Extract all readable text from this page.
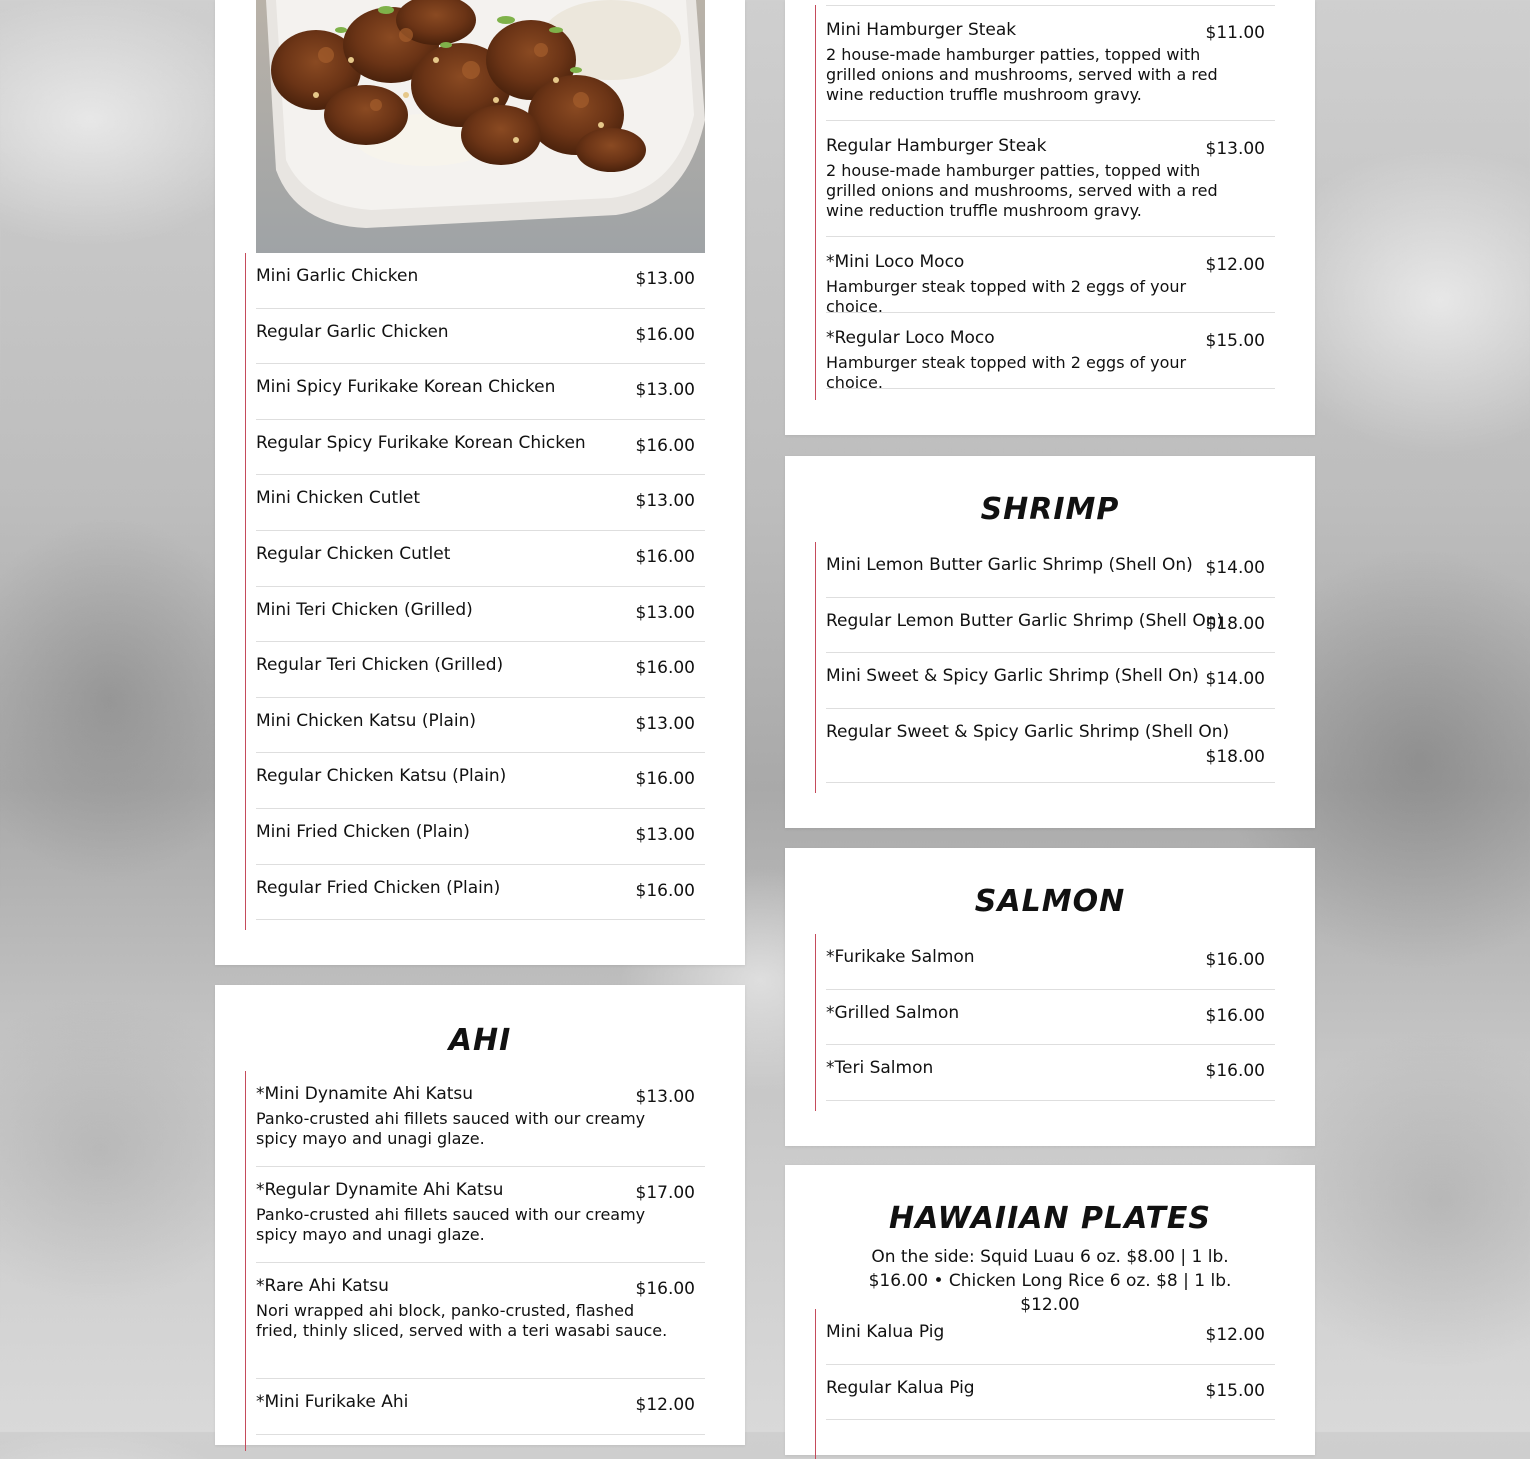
Mini Garlic Chicken	$13.00
Regular Garlic Chicken	$16.00
Mini Spicy Furikake Korean Chicken	$13.00
Regular Spicy Furikake Korean Chicken	$16.00
Mini Chicken Cutlet	$13.00
Regular Chicken Cutlet	$16.00
Mini Teri Chicken (Grilled)	$13.00
Regular Teri Chicken (Grilled)	$16.00
Mini Chicken Katsu (Plain)	$13.00
Regular Chicken Katsu (Plain)	$16.00
Mini Fried Chicken (Plain)	$13.00
Regular Fried Chicken (Plain)	$16.00
AHI
*Mini Dynamite Ahi Katsu	$13.00
Panko-crusted ahi fillets sauced with our creamy spicy mayo and unagi glaze.
*Regular Dynamite Ahi Katsu	$17.00
Panko-crusted ahi fillets sauced with our creamy spicy mayo and unagi glaze.
*Rare Ahi Katsu	$16.00
Nori wrapped ahi block, panko-crusted, flashed fried, thinly sliced, served with a teri wasabi sauce.
*Mini Furikake Ahi	$12.00
Mini Hamburger Steak	$11.00
2 house-made hamburger patties, topped with grilled onions and mushrooms, served with a red wine reduction truffle mushroom gravy.
Regular Hamburger Steak	$13.00
2 house-made hamburger patties, topped with grilled onions and mushrooms, served with a red wine reduction truffle mushroom gravy.
*Mini Loco Moco	$12.00
Hamburger steak topped with 2 eggs of your choice.
*Regular Loco Moco	$15.00
Hamburger steak topped with 2 eggs of your choice.
SHRIMP
Mini Lemon Butter Garlic Shrimp (Shell On) $14.00
Regular Lemon Butter Garlic Shrimp (Shell On)
$18.00
Mini Sweet & Spicy Garlic Shrimp (Shell On) $14.00
Regular Sweet & Spicy Garlic Shrimp (Shell On)
$18.00
SALMON
*Furikake Salmon	$16.00
*Grilled Salmon	$16.00
*Teri Salmon	$16.00
HAWAIIAN PLATES
On the side: Squid Luau 6 oz. $8.00 | 1 lb. $16.00 • Chicken Long Rice 6 oz. $8 | 1 lb. $12.00
Mini Kalua Pig	$12.00
Regular Kalua Pig	$15.00
